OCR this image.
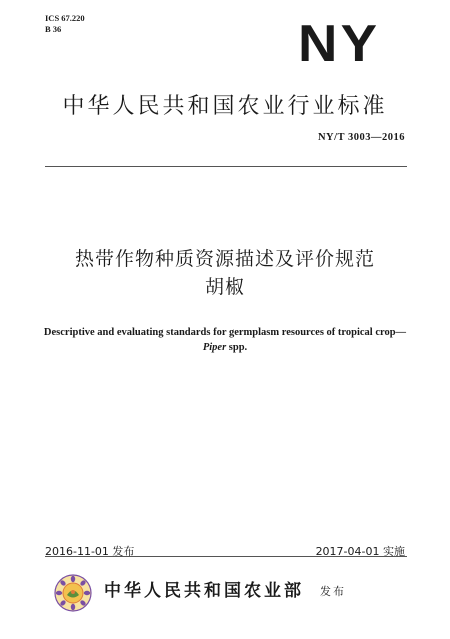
ICS 67.220
B 36	NY
中华人民共和国农业行业标准
NY/T 3003—2016
热带作物种质资源描述及评价规范
胡椒
Descriptive and evaluating standards for germplasm resources of tropical crop—
Piper spp.
2016-11-01 发布	2017-04-01 实施
中华人民共和国农业部 发布
